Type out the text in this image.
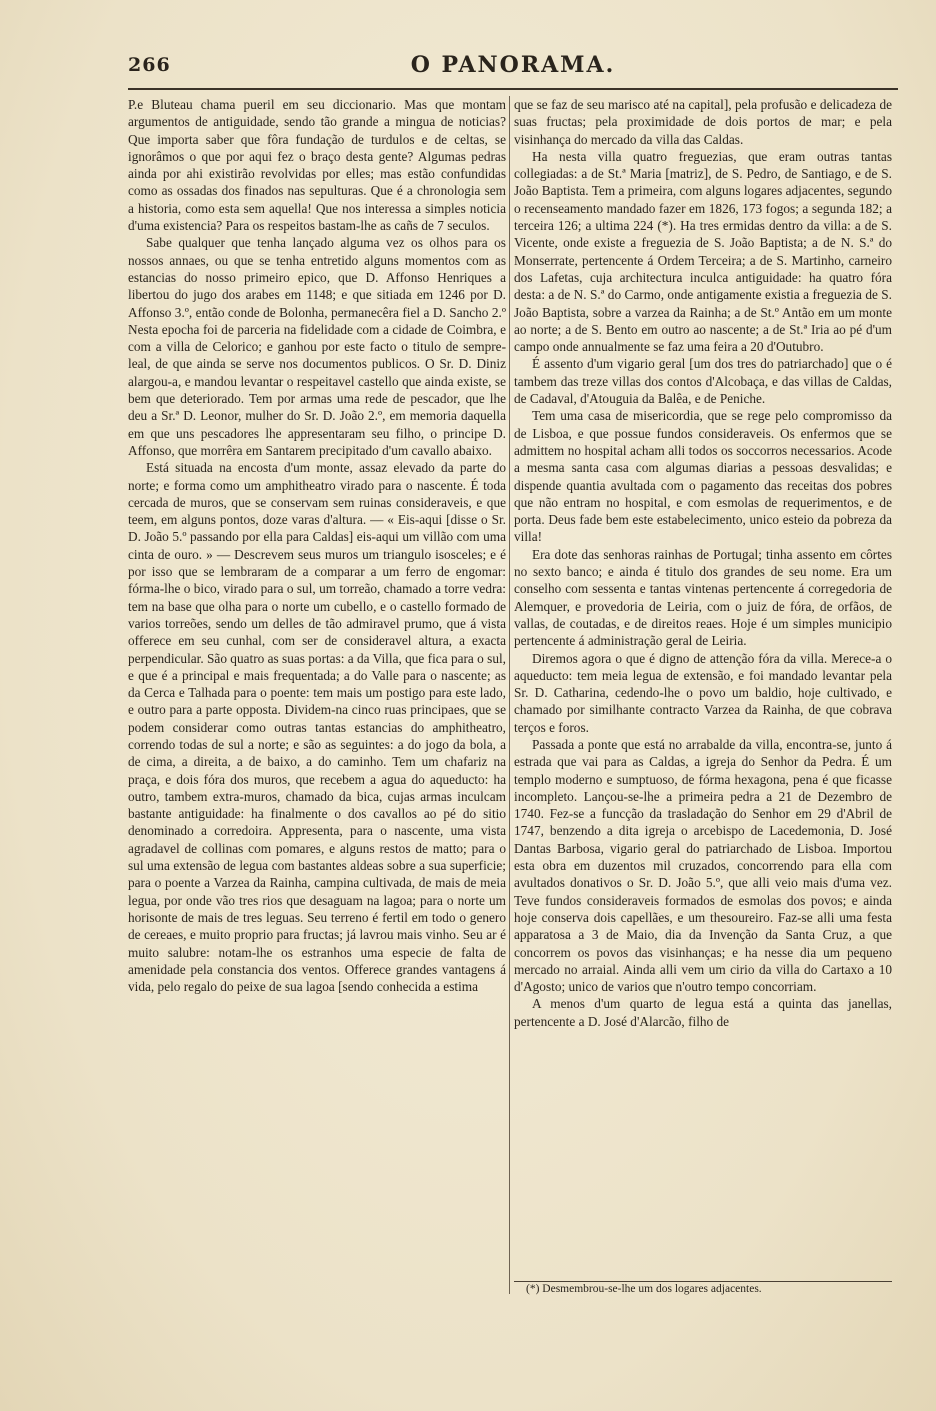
266	O PANORAMA.

P.e Bluteau chama pueril em seu diccionario. Mas que montam argumentos de antiguidade, sendo tão grande a mingua de noticias? Que importa saber que fôra fundação de turdulos e de celtas, se ignorâmos o que por aqui fez o braço desta gente? Algumas pedras ainda por ahi existirão revolvidas por elles; mas estão confundidas como as ossadas dos finados nas sepulturas. Que é a chronologia sem a historia, como esta sem aquella! Que nos interessa a simples noticia d'uma existencia? Para os respeitos bastam-lhe as cañs de 7 seculos.

Sabe qualquer que tenha lançado alguma vez os olhos para os nossos annaes, ou que se tenha entretido alguns momentos com as estancias do nosso primeiro epico, que D. Affonso Henriques a libertou do jugo dos arabes em 1148; e que sitiada em 1246 por D. Affonso 3.º, então conde de Bolonha, permanecêra fiel a D. Sancho 2.º Nesta epocha foi de parceria na fidelidade com a cidade de Coimbra, e com a villa de Celorico; e ganhou por este facto o titulo de sempre-leal, de que ainda se serve nos documentos publicos. O Sr. D. Diniz alargou-a, e mandou levantar o respeitavel castello que ainda existe, se bem que deteriorado. Tem por armas uma rede de pescador, que lhe deu a Sr.ª D. Leonor, mulher do Sr. D. João 2.º, em memoria daquella em que uns pescadores lhe appresentaram seu filho, o principe D. Affonso, que morrêra em Santarem precipitado d'um cavallo abaixo.

Está situada na encosta d'um monte, assaz elevado da parte do norte; e forma como um amphitheatro virado para o nascente. É toda cercada de muros, que se conservam sem ruinas consideraveis, e que teem, em alguns pontos, doze varas d'altura. — « Eis-aqui [disse o Sr. D. João 5.º passando por ella para Caldas] eis-aqui um villão com uma cinta de ouro. » — Descrevem seus muros um triangulo isosceles; e é por isso que se lembraram de a comparar a um ferro de engomar: fórma-lhe o bico, virado para o sul, um torreão, chamado a torre vedra: tem na base que olha para o norte um cubello, e o castello formado de varios torreões, sendo um delles de tão admiravel prumo, que á vista offerece em seu cunhal, com ser de consideravel altura, a exacta perpendicular. São quatro as suas portas: a da Villa, que fica para o sul, e que é a principal e mais frequentada; a do Valle para o nascente; as da Cerca e Talhada para o poente: tem mais um postigo para este lado, e outro para a parte opposta. Dividem-na cinco ruas principaes, que se podem considerar como outras tantas estancias do amphitheatro, correndo todas de sul a norte; e são as seguintes: a do jogo da bola, a de cima, a direita, a de baixo, a do caminho. Tem um chafariz na praça, e dois fóra dos muros, que recebem a agua do aqueducto: ha outro, tambem extra-muros, chamado da bica, cujas armas inculcam bastante antiguidade: ha finalmente o dos cavallos ao pé do sitio denominado a corredoira. Appresenta, para o nascente, uma vista agradavel de collinas com pomares, e alguns restos de matto; para o sul uma extensão de legua com bastantes aldeas sobre a sua superficie; para o poente a Varzea da Rainha, campina cultivada, de mais de meia legua, por onde vão tres rios que desaguam na lagoa; para o norte um horisonte de mais de tres leguas. Seu terreno é fertil em todo o genero de cereaes, e muito proprio para fructas; já lavrou mais vinho. Seu ar é muito salubre: notam-lhe os estranhos uma especie de falta de amenidade pela constancia dos ventos. Offerece grandes vantagens á vida, pelo regalo do peixe de sua lagoa [sendo conhecida a estima

que se faz de seu marisco até na capital], pela profusão e delicadeza de suas fructas; pela proximidade de dois portos de mar; e pela visinhança do mercado da villa das Caldas.

Ha nesta villa quatro freguezias, que eram outras tantas collegiadas: a de St.ª Maria [matriz], de S. Pedro, de Santiago, e de S. João Baptista. Tem a primeira, com alguns logares adjacentes, segundo o recenseamento mandado fazer em 1826, 173 fogos; a segunda 182; a terceira 126; a ultima 224 (*). Ha tres ermidas dentro da villa: a de S. Vicente, onde existe a freguezia de S. João Baptista; a de N. S.ª do Monserrate, pertencente á Ordem Terceira; a de S. Martinho, carneiro dos Lafetas, cuja architectura inculca antiguidade: ha quatro fóra desta: a de N. S.ª do Carmo, onde antigamente existia a freguezia de S. João Baptista, sobre a varzea da Rainha; a de St.º Antão em um monte ao norte; a de S. Bento em outro ao nascente; a de St.ª Iria ao pé d'um campo onde annualmente se faz uma feira a 20 d'Outubro.

É assento d'um vigario geral [um dos tres do patriarchado] que o é tambem das treze villas dos contos d'Alcobaça, e das villas de Caldas, de Cadaval, d'Atouguia da Balêa, e de Peniche.

Tem uma casa de misericordia, que se rege pelo compromisso da de Lisboa, e que possue fundos consideraveis. Os enfermos que se admittem no hospital acham alli todos os soccorros necessarios. Acode a mesma santa casa com algumas diarias a pessoas desvalidas; e dispende quantia avultada com o pagamento das receitas dos pobres que não entram no hospital, e com esmolas de requerimentos, e de porta. Deus fade bem este estabelecimento, unico esteio da pobreza da villa!

Era dote das senhoras rainhas de Portugal; tinha assento em côrtes no sexto banco; e ainda é titulo dos grandes de seu nome. Era um conselho com sessenta e tantas vintenas pertencente á corregedoria de Alemquer, e provedoria de Leiria, com o juiz de fóra, de orfãos, de vallas, de coutadas, e de direitos reaes. Hoje é um simples municipio pertencente á administração geral de Leiria.

Diremos agora o que é digno de attenção fóra da villa. Merece-a o aqueducto: tem meia legua de extensão, e foi mandado levantar pela Sr. D. Catharina, cedendo-lhe o povo um baldio, hoje cultivado, e chamado por similhante contracto Varzea da Rainha, de que cobrava terços e foros.

Passada a ponte que está no arrabalde da villa, encontra-se, junto á estrada que vai para as Caldas, a igreja do Senhor da Pedra. É um templo moderno e sumptuoso, de fórma hexagona, pena é que ficasse incompleto. Lançou-se-lhe a primeira pedra a 21 de Dezembro de 1740. Fez-se a funcção da trasladação do Senhor em 29 d'Abril de 1747, benzendo a dita igreja o arcebispo de Lacedemonia, D. José Dantas Barbosa, vigario geral do patriarchado de Lisboa. Importou esta obra em duzentos mil cruzados, concorrendo para ella com avultados donativos o Sr. D. João 5.º, que alli veio mais d'uma vez. Teve fundos consideraveis formados de esmolas dos povos; e ainda hoje conserva dois capellães, e um thesoureiro. Faz-se alli uma festa apparatosa a 3 de Maio, dia da Invenção da Santa Cruz, a que concorrem os povos das visinhanças; e ha nesse dia um pequeno mercado no arraial. Ainda alli vem um cirio da villa do Cartaxo a 10 d'Agosto; unico de varios que n'outro tempo concorriam.

A menos d'um quarto de legua está a quinta das janellas, pertencente a D. José d'Alarcão, filho de

(*) Desmembrou-se-lhe um dos logares adjacentes.
